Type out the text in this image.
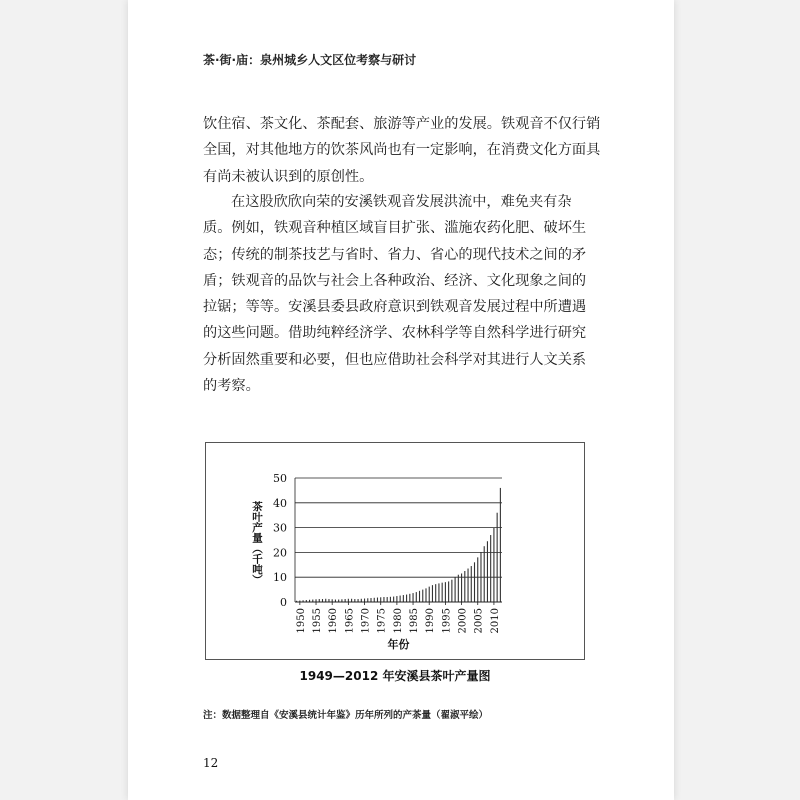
茶·街·庙：泉州城乡人文区位考察与研讨
饮住宿、茶文化、茶配套、旅游等产业的发展。铁观音不仅行销
全国，对其他地方的饮茶风尚也有一定影响，在消费文化方面具
有尚未被认识到的原创性。
在这股欣欣向荣的安溪铁观音发展洪流中，难免夹有杂
质。例如，铁观音种植区域盲目扩张、滥施农药化肥、破坏生
态；传统的制茶技艺与省时、省力、省心的现代技术之间的矛
盾；铁观音的品饮与社会上各种政治、经济、文化现象之间的
拉锯；等等。安溪县委县政府意识到铁观音发展过程中所遭遇
的这些问题。借助纯粹经济学、农林科学等自然科学进行研究
分析固然重要和必要，但也应借助社会科学对其进行人文关系
的考察。
0
10
20
30
40
50
1950 1955 1960 1965 1970 1975 1980 1985 1990 1995 2000 2005 2010
茶叶产量（千吨）
年份
1949—2012 年安溪县茶叶产量图
注：数据整理自《安溪县统计年鉴》历年所列的产茶量（翟淑平绘）
12
